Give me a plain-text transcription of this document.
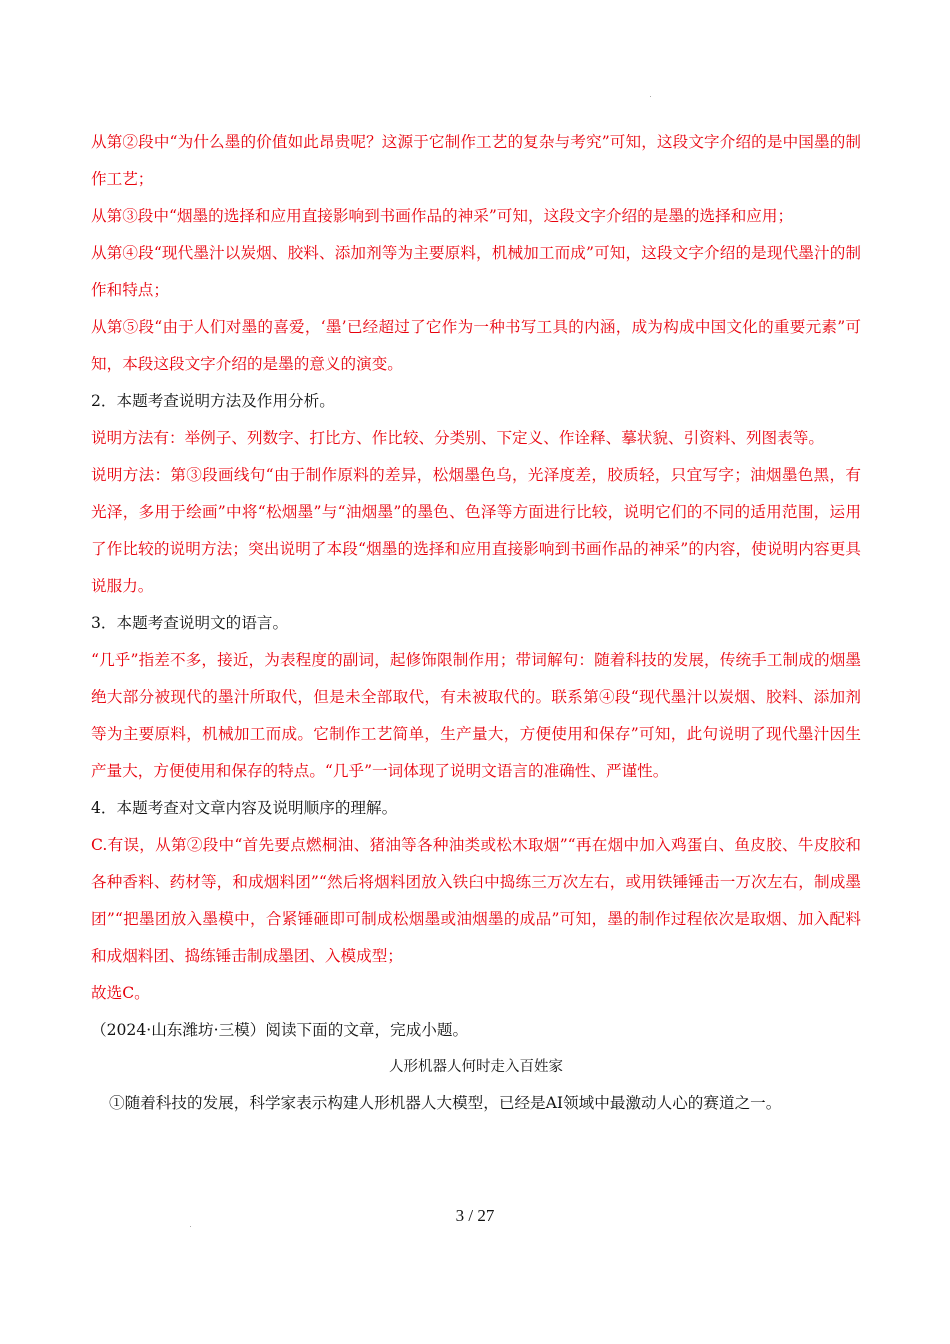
从第②段中“为什么墨的价值如此昂贵呢？这源于它制作工艺的复杂与考究”可知，这段文字介绍的是中国墨的制作工艺；

从第③段中“烟墨的选择和应用直接影响到书画作品的神采”可知，这段文字介绍的是墨的选择和应用；

从第④段“现代墨汁以炭烟、胶料、添加剂等为主要原料，机械加工而成”可知，这段文字介绍的是现代墨汁的制作和特点；

从第⑤段“由于人们对墨的喜爱，‘墨’已经超过了它作为一种书写工具的内涵，成为构成中国文化的重要元素”可知，本段这段文字介绍的是墨的意义的演变。

2．本题考查说明方法及作用分析。

说明方法有：举例子、列数字、打比方、作比较、分类别、下定义、作诠释、摹状貌、引资料、列图表等。

说明方法：第③段画线句“由于制作原料的差异，松烟墨色乌，光泽度差，胶质轻，只宜写字；油烟墨色黑，有光泽，多用于绘画”中将“松烟墨”与“油烟墨”的墨色、色泽等方面进行比较，说明它们的不同的适用范围，运用了作比较的说明方法；突出说明了本段“烟墨的选择和应用直接影响到书画作品的神采”的内容，使说明内容更具说服力。

3．本题考查说明文的语言。

“几乎”指差不多，接近，为表程度的副词，起修饰限制作用；带词解句：随着科技的发展，传统手工制成的烟墨绝大部分被现代的墨汁所取代，但是未全部取代，有未被取代的。联系第④段“现代墨汁以炭烟、胶料、添加剂等为主要原料，机械加工而成。它制作工艺简单，生产量大，方便使用和保存”可知，此句说明了现代墨汁因生产量大，方便使用和保存的特点。“几乎”一词体现了说明文语言的准确性、严谨性。

4．本题考查对文章内容及说明顺序的理解。

C.有误，从第②段中“首先要点燃桐油、猪油等各种油类或松木取烟”“再在烟中加入鸡蛋白、鱼皮胶、牛皮胶和各种香料、药材等，和成烟料团”“然后将烟料团放入铁臼中捣练三万次左右，或用铁锤锤击一万次左右，制成墨团”“把墨团放入墨模中，合紧锤砸即可制成松烟墨或油烟墨的成品”可知，墨的制作过程依次是取烟、加入配料和成烟料团、捣练锤击制成墨团、入模成型；

故选C。

（2024·山东潍坊·三模）阅读下面的文章，完成小题。

人形机器人何时走入百姓家

①随着科技的发展，科学家表示构建人形机器人大模型，已经是AI领域中最激动人心的赛道之一。

3 / 27
